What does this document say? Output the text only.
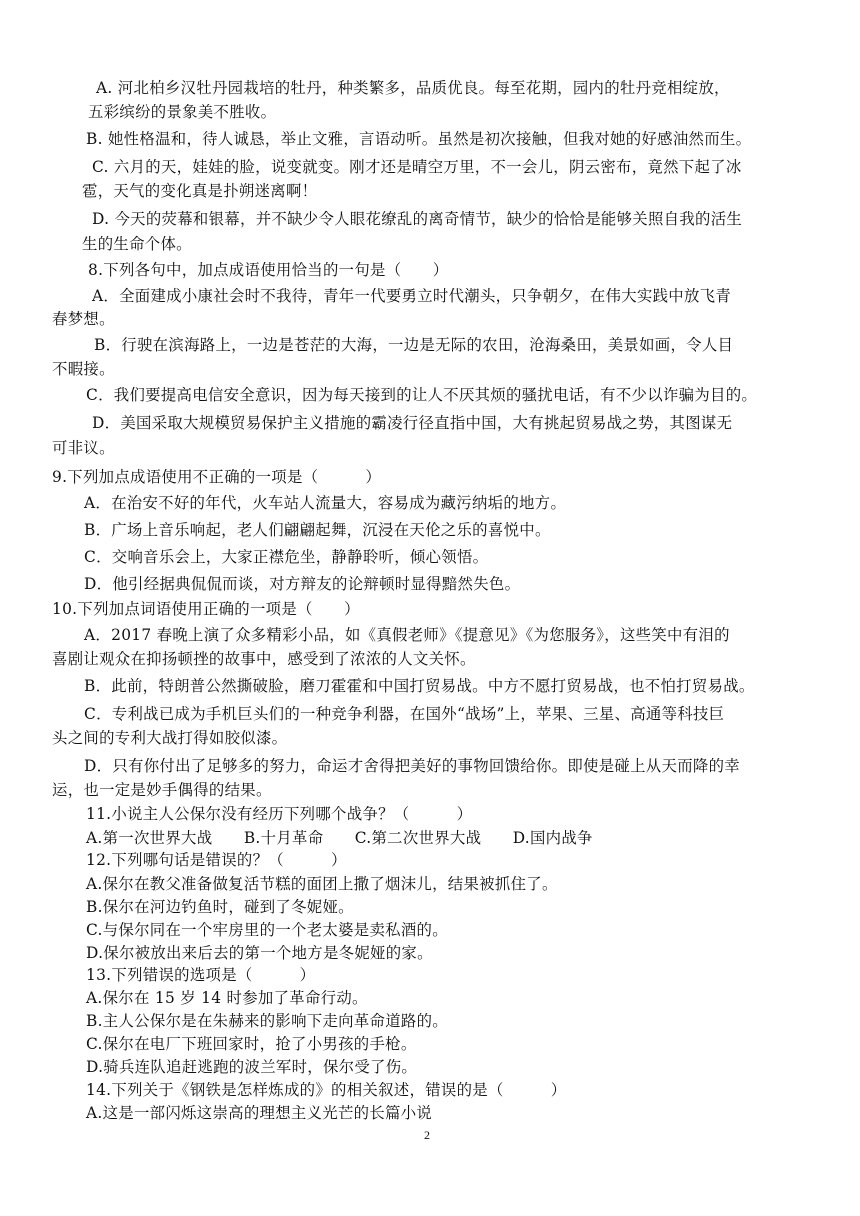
A. 河北柏乡汉牡丹园栽培的牡丹，种类繁多，品质优良。每至花期，园内的牡丹竞相绽放，
五彩缤纷的景象美不胜收。
B. 她性格温和，待人诚恳，举止文雅，言语动听。虽然是初次接触，但我对她的好感油然而生。
C. 六月的天，娃娃的脸，说变就变。刚才还是晴空万里，不一会儿，阴云密布，竟然下起了冰
雹，天气的变化真是扑朔迷离啊！
D. 今天的荧幕和银幕，并不缺少令人眼花缭乱的离奇情节，缺少的恰恰是能够关照自我的活生
生的生命个体。
8.下列各句中，加点成语使用恰当的一句是（　　）
A．全面建成小康社会时不我待，青年一代要勇立时代潮头，只争朝夕，在伟大实践中放飞青
春梦想。
B．行驶在滨海路上，一边是苍茫的大海，一边是无际的农田，沧海桑田，美景如画，令人目
不暇接。
C．我们要提高电信安全意识，因为每天接到的让人不厌其烦的骚扰电话，有不少以诈骗为目的。
D．美国采取大规模贸易保护主义措施的霸凌行径直指中国，大有挑起贸易战之势，其图谋无
可非议。
9.下列加点成语使用不正确的一项是（　　　）
A．在治安不好的年代，火车站人流量大，容易成为藏污纳垢的地方。
B．广场上音乐响起，老人们翩翩起舞，沉浸在天伦之乐的喜悦中。
C．交响音乐会上，大家正襟危坐，静静聆听，倾心领悟。
D．他引经据典侃侃而谈，对方辩友的论辩顿时显得黯然失色。
10.下列加点词语使用正确的一项是（　　）
A．2017 春晚上演了众多精彩小品，如《真假老师》《提意见》《为您服务》，这些笑中有泪的
喜剧让观众在抑扬顿挫的故事中，感受到了浓浓的人文关怀。
B．此前，特朗普公然撕破脸，磨刀霍霍和中国打贸易战。中方不愿打贸易战，也不怕打贸易战。
C．专利战已成为手机巨头们的一种竞争利器，在国外“战场”上，苹果、三星、高通等科技巨
头之间的专利大战打得如胶似漆。
D．只有你付出了足够多的努力，命运才舍得把美好的事物回馈给你。即使是碰上从天而降的幸
运，也一定是妙手偶得的结果。
11.小说主人公保尔没有经历下列哪个战争？（　　　）
A.第一次世界大战　　B.十月革命　　C.第二次世界大战　　D.国内战争
12.下列哪句话是错误的？（　　　）
A.保尔在教父准备做复活节糕的面团上撒了烟沫儿，结果被抓住了。
B.保尔在河边钓鱼时，碰到了冬妮娅。
C.与保尔同在一个牢房里的一个老太婆是卖私酒的。
D.保尔被放出来后去的第一个地方是冬妮娅的家。
13.下列错误的选项是（　　　）
A.保尔在 15 岁 14 时参加了革命行动。
B.主人公保尔是在朱赫来的影响下走向革命道路的。
C.保尔在电厂下班回家时，抢了小男孩的手枪。
D.骑兵连队追赶逃跑的波兰军时，保尔受了伤。
14.下列关于《钢铁是怎样炼成的》的相关叙述，错误的是（　　　）
A.这是一部闪烁这崇高的理想主义光芒的长篇小说
2
